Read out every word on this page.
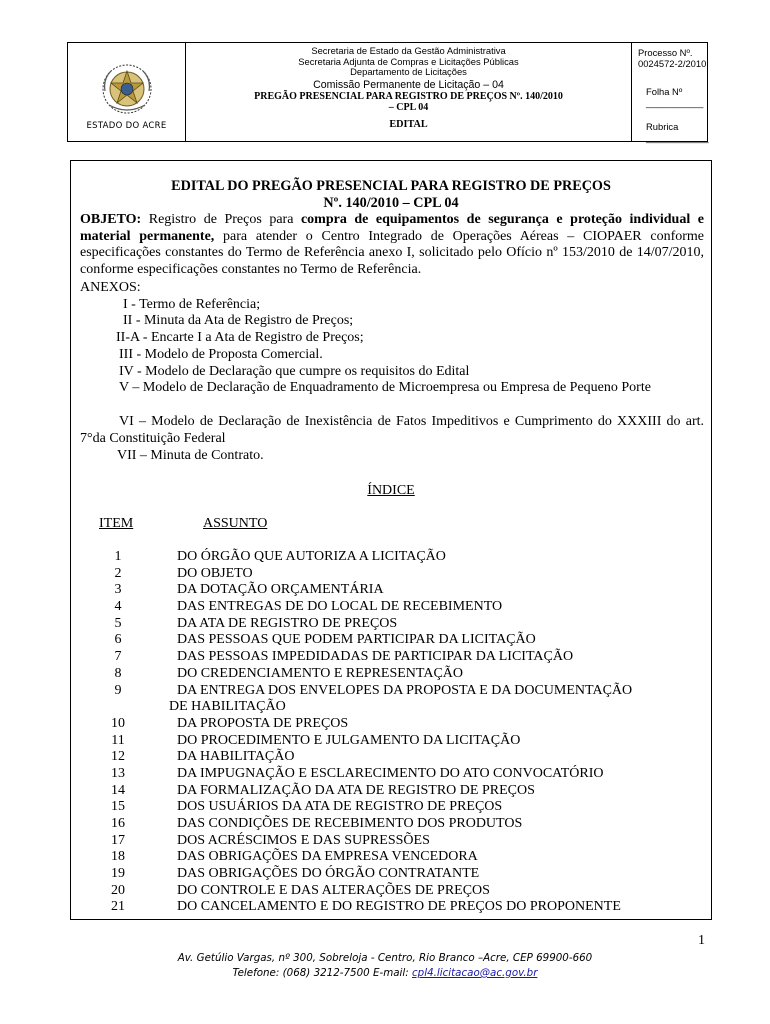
ESTADO DO ACRE
Secretaria de Estado da Gestão Administrativa
Secretaria Adjunta de Compras e Licitações Públicas
Departamento de Licitações
Comissão Permanente de Licitação – 04
PREGÃO PRESENCIAL PARA REGISTRO DE PREÇOS Nº. 140/2010 – CPL 04
EDITAL
Processo Nº. 0024572-2/2010
Folha Nº ___________
Rubrica ____________
EDITAL DO PREGÃO PRESENCIAL PARA REGISTRO DE PREÇOS
Nº. 140/2010 – CPL 04

OBJETO: Registro de Preços para compra de equipamentos de segurança e proteção individual e material permanente, para atender o Centro Integrado de Operações Aéreas – CIOPAER conforme especificações constantes do Termo de Referência anexo I, solicitado pelo Ofício nº 153/2010 de 14/07/2010, conforme especificações constantes no Termo de Referência.

ANEXOS:
I - Termo de Referência;
II - Minuta da Ata de Registro de Preços;
II-A - Encarte I a Ata de Registro de Preços;
III - Modelo de Proposta Comercial.
IV - Modelo de Declaração que cumpre os requisitos do Edital
V – Modelo de Declaração de Enquadramento de Microempresa ou Empresa de Pequeno Porte
VI – Modelo de Declaração de Inexistência de Fatos Impeditivos e Cumprimento do XXXIII do art. 7°da Constituição Federal
VII – Minuta de Contrato.
ÍNDICE
ITEM	ASSUNTO
1	DO ÓRGÃO QUE AUTORIZA A LICITAÇÃO
2	DO OBJETO
3	DA DOTAÇÃO ORÇAMENTÁRIA
4	DAS ENTREGAS DE DO LOCAL DE RECEBIMENTO
5	DA ATA DE REGISTRO DE PREÇOS
6	DAS PESSOAS QUE PODEM PARTICIPAR DA LICITAÇÃO
7	DAS PESSOAS IMPEDIDADAS DE PARTICIPAR DA LICITAÇÃO
8	DO CREDENCIAMENTO E REPRESENTAÇÃO
9	DA ENTREGA DOS ENVELOPES DA PROPOSTA E DA DOCUMENTAÇÃO
DE HABILITAÇÃO
10	DA PROPOSTA DE PREÇOS
11	DO PROCEDIMENTO E JULGAMENTO DA LICITAÇÃO
12	DA HABILITAÇÃO
13	DA IMPUGNAÇÃO E ESCLARECIMENTO DO ATO CONVOCATÓRIO
14	DA FORMALIZAÇÃO DA ATA DE REGISTRO DE PREÇOS
15	DOS USUÁRIOS DA ATA DE REGISTRO DE PREÇOS
16	DAS CONDIÇÕES DE RECEBIMENTO DOS PRODUTOS
17	DOS ACRÉSCIMOS E DAS SUPRESSÕES
18	DAS OBRIGAÇÕES DA EMPRESA VENCEDORA
19	DAS OBRIGAÇÕES DO ÓRGÃO CONTRATANTE
20	DO CONTROLE E DAS ALTERAÇÕES DE PREÇOS
21	DO CANCELAMENTO E DO REGISTRO DE PREÇOS DO PROPONENTE
1
Av. Getúlio Vargas, nº 300, Sobreloja - Centro, Rio Branco –Acre, CEP 69900-660
Telefone: (068) 3212-7500 E-mail: cpl4.licitacao@ac.gov.br
